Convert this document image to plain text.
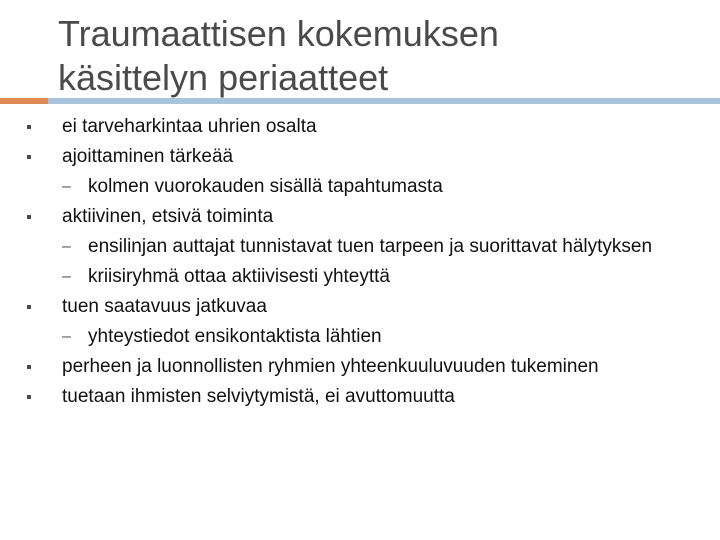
Traumaattisen kokemuksen
käsittelyn periaatteet
ei tarveharkintaa uhrien osalta
ajoittaminen tärkeää
– kolmen vuorokauden sisällä tapahtumasta
aktiivinen, etsivä toiminta
– ensilinjan auttajat tunnistavat tuen tarpeen ja suorittavat hälytyksen
– kriisiryhmä ottaa aktiivisesti yhteyttä
tuen saatavuus jatkuvaa
– yhteystiedot ensikontaktista lähtien
perheen ja luonnollisten ryhmien yhteenkuuluvuuden tukeminen
tuetaan ihmisten selviytymistä, ei avuttomuutta
